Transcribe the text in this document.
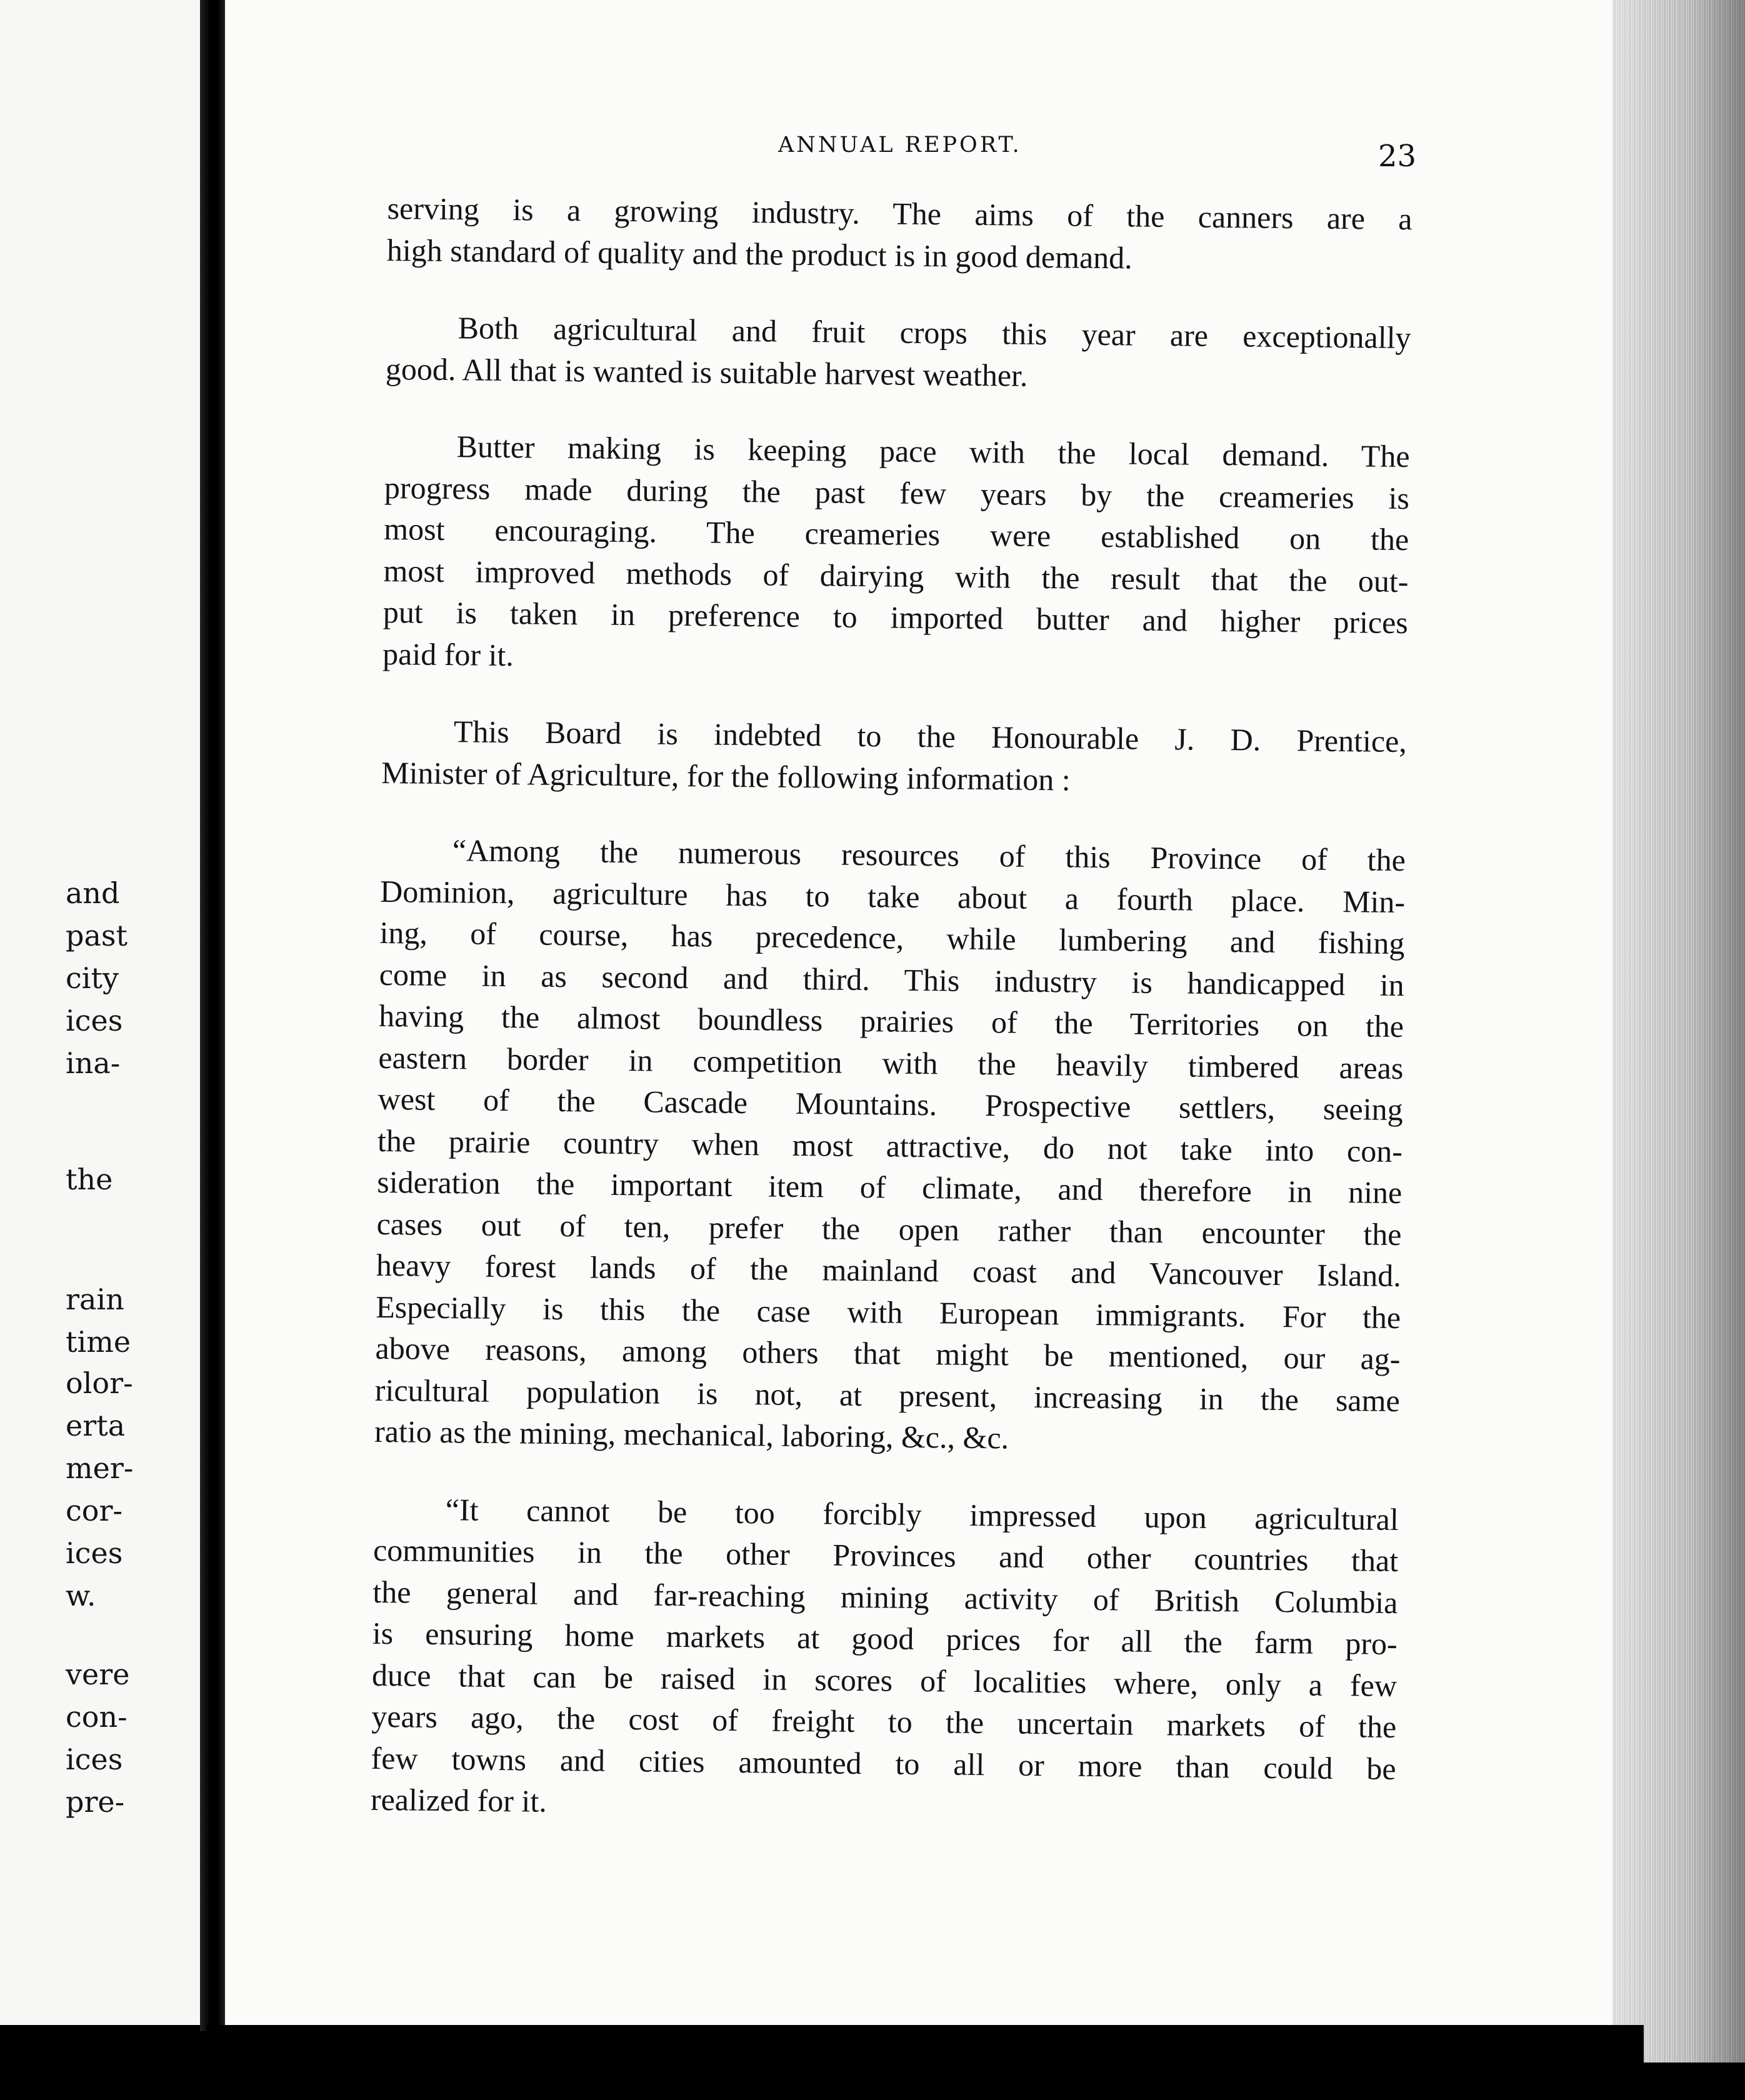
and
past
city
ices
ina-
the
rain
time
olor-
erta
mer-
cor-
ices
w.
vere
con-
ices
pre-
ANNUAL REPORT.	23
serving is a growing industry. The aims of the canners are a
high standard of quality and the product is in good demand.
Both agricultural and fruit crops this year are exceptionally
good. All that is wanted is suitable harvest weather.
Butter making is keeping pace with the local demand. The
progress made during the past few years by the creameries is
most encouraging. The creameries were established on the
most improved methods of dairying with the result that the out-
put is taken in preference to imported butter and higher prices
paid for it.
This Board is indebted to the Honourable J. D. Prentice,
Minister of Agriculture, for the following information :
“Among the numerous resources of this Province of the
Dominion, agriculture has to take about a fourth place. Min-
ing, of course, has precedence, while lumbering and fishing
come in as second and third. This industry is handicapped in
having the almost boundless prairies of the Territories on the
eastern border in competition with the heavily timbered areas
west of the Cascade Mountains. Prospective settlers, seeing
the prairie country when most attractive, do not take into con-
sideration the important item of climate, and therefore in nine
cases out of ten, prefer the open rather than encounter the
heavy forest lands of the mainland coast and Vancouver Island.
Especially is this the case with European immigrants. For the
above reasons, among others that might be mentioned, our ag-
ricultural population is not, at present, increasing in the same
ratio as the mining, mechanical, laboring, &c., &c.
“It cannot be too forcibly impressed upon agricultural
communities in the other Provinces and other countries that
the general and far-reaching mining activity of British Columbia
is ensuring home markets at good prices for all the farm pro-
duce that can be raised in scores of localities where, only a few
years ago, the cost of freight to the uncertain markets of the
few towns and cities amounted to all or more than could be
realized for it.
